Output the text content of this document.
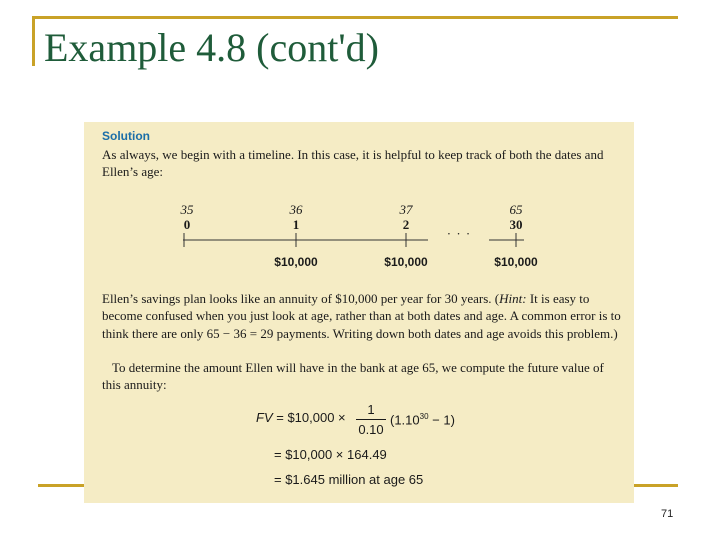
Example 4.8 (cont'd)
Solution
As always, we begin with a timeline. In this case, it is helpful to keep track of both the dates and Ellen’s age:
35	36	37	65
0	1	2	30
· · ·
$10,000	$10,000	$10,000
Ellen’s savings plan looks like an annuity of $10,000 per year for 30 years. (Hint: It is easy to become confused when you just look at age, rather than at both dates and age. A common error is to think there are only 65 − 36 = 29 payments. Writing down both dates and age avoids this problem.)
To determine the amount Ellen will have in the bank at age 65, we compute the future value of this annuity:
FV = $10,000 ×
1
0.10
$(1.10^{30} - 1)$
= $10,000 × 164.49
= $1.645 million at age 65
71
